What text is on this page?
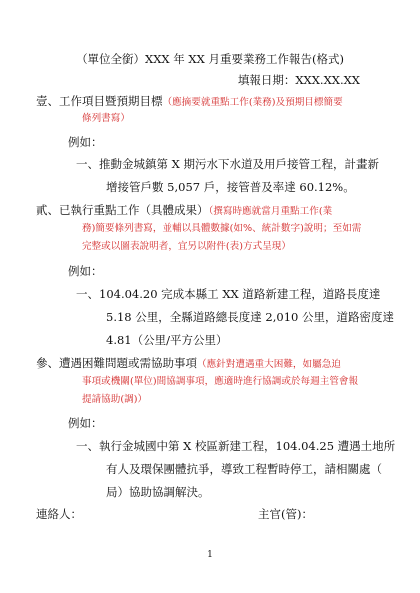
（單位全銜）XXX 年 XX 月重要業務工作報告(格式)
填報日期：XXX.XX.XX
壹、工作項目暨預期目標（應摘要就重點工作(業務)及預期目標簡要
條列書寫）
例如：
一、推動金城鎮第 X 期污水下水道及用戶接管工程，計畫新
增接管戶數 5,057 戶，接管普及率達 60.12%。
貳、已執行重點工作（具體成果）（撰寫時應就當月重點工作(業
務)簡要條列書寫，並輔以具體數據(如%、統計數字)說明；至如需
完整或以圖表說明者，宜另以附件(表)方式呈現）
例如：
一、104.04.20 完成本縣工 XX 道路新建工程，道路長度達
5.18 公里，全縣道路總長度達 2,010 公里，道路密度達
4.81（公里/平方公里）
參、遭遇困難問題或需協助事項（應針對遭遇重大困難，如屬急迫
事項或機關(單位)間協調事項，應適時進行協調或於每週主管會報
提請協助(調)）
例如：
一、執行金城國中第 X 校區新建工程，104.04.25 遭遇土地所
有人及環保團體抗爭，導致工程暫時停工，請相關處（
局）協助協調解決。
連絡人：	主官(管)：
1
